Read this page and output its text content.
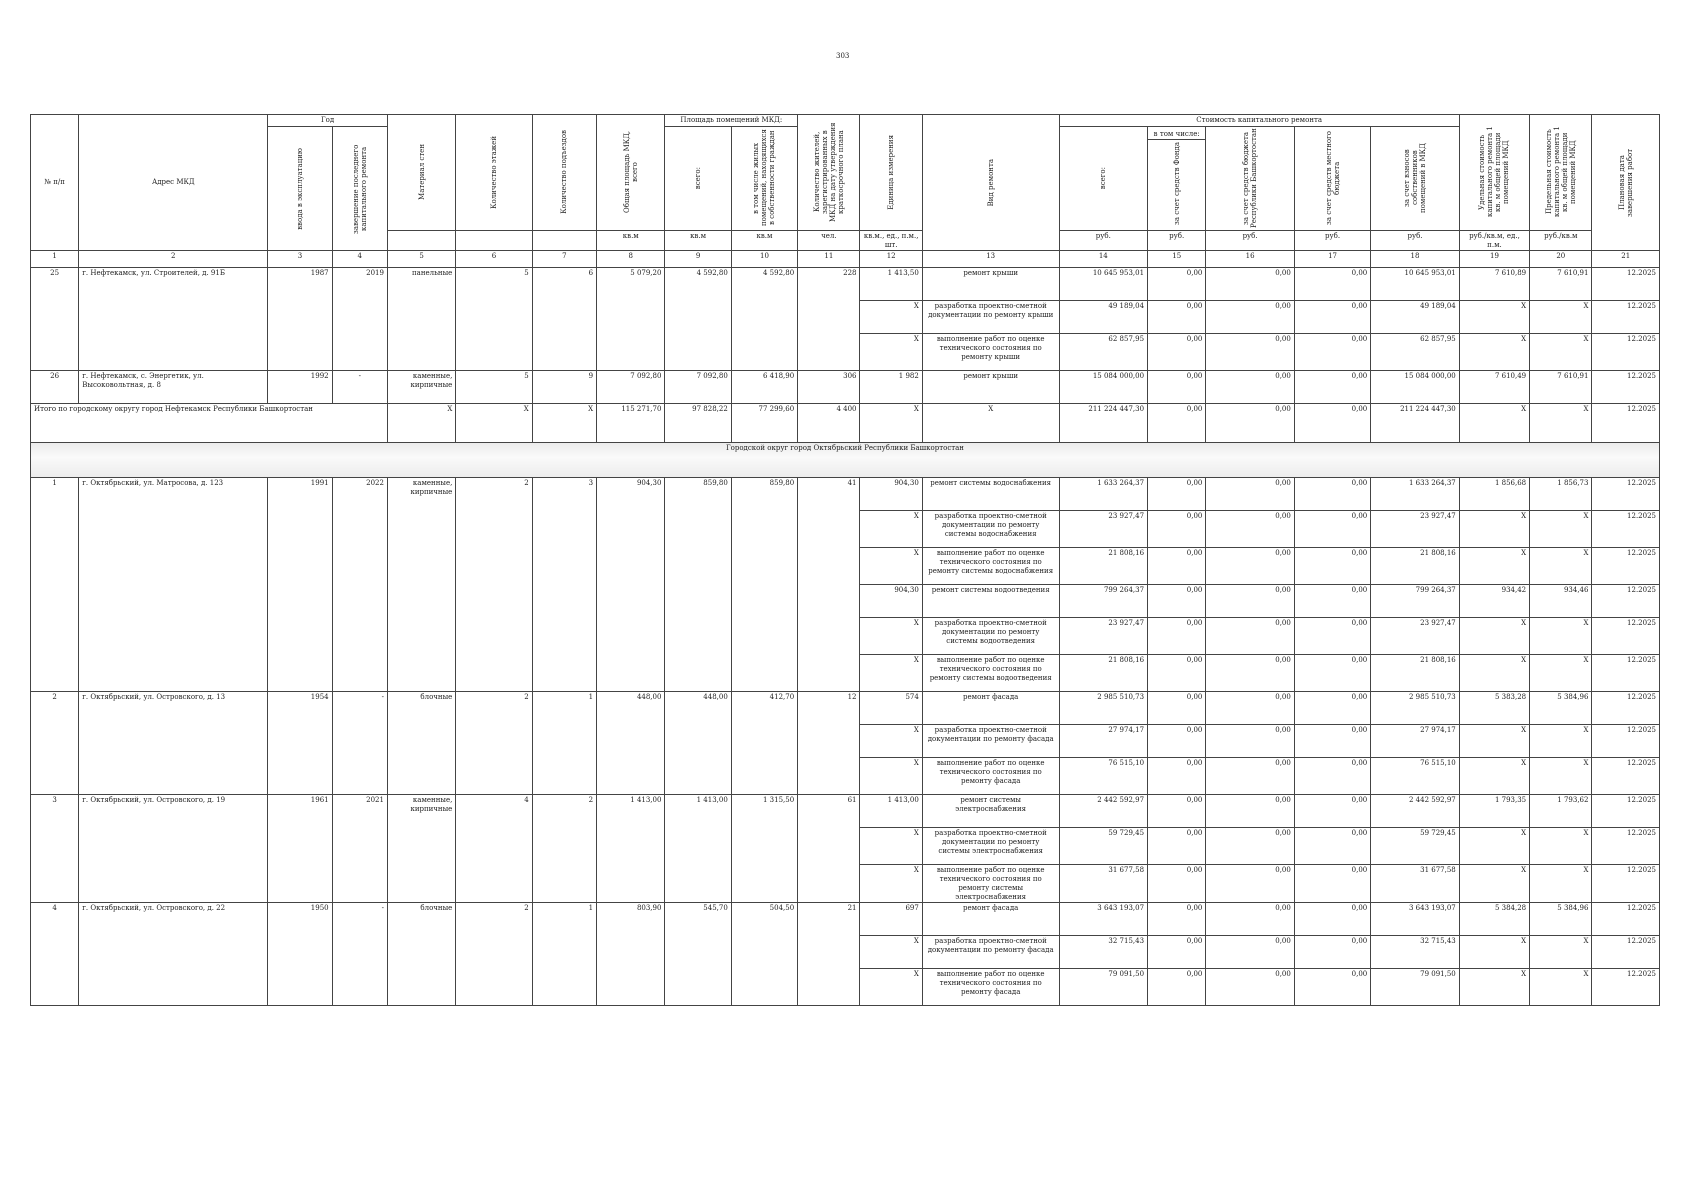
303
№ п/п	Адрес МКД	Год		Материал стен	Количество этажей	Количество подъездов	Общая площадь МКД, всего	Площадь помещений МКД:		Количество жителей, зарегистрированных в МКД на дату утверждения краткосрочного плана	Единица измерения	Вид ремонта	Стоимость капитального ремонта					Удельная стоимость капитального ремонта 1 кв. м общей площади помещений МКД	Предельная стоимость капитального ремонта 1 кв. м общей площади помещений МКД	Плановая дата завершения работ

		ввода в эксплуатацию	завершение последнего капитального ремонта					всего:	в том числе жилых помещений, находящихся в собственности граждан				всего:	в том числе:
за счет средств Фонда	за счет средств бюджета Республики Башкортостан	за счет средств местного бюджета	за счет взносов собственников помещений в МКД			

							кв.м	кв.м	кв.м	чел.	кв.м., ед., п.м., шт.		руб.	руб.	руб.	руб.	руб.	руб./кв.м, ед., п.м.	руб./кв.м	
1	2	3	4	5	6	7	8	9	10	11	12	13	14	15	16	17	18	19	20	21
25	г. Нефтекамск, ул. Строителей, д. 91Б	1987	2019	панельные	5	6	5 079,20	4 592,80	4 592,80	228	1 413,50	ремонт крыши	10 645 953,01	0,00	0,00	0,00	10 645 953,01	7 610,89	7 610,91	12.2025
											X	разработка проектно-сметной документации по ремонту крыши	49 189,04	0,00	0,00	0,00	49 189,04	X	X	12.2025
											X	выполнение работ по оценке технического состояния по ремонту крыши	62 857,95	0,00	0,00	0,00	62 857,95	X	X	12.2025
26	г. Нефтекамск, с. Энергетик, ул. Высоковольтная, д. 8	1992	-	каменные, кирпичные	5	9	7 092,80	7 092,80	6 418,90	306	1 982	ремонт крыши	15 084 000,00	0,00	0,00	0,00	15 084 000,00	7 610,49	7 610,91	12.2025
Итого по городскому округу город Нефтекамск Республики Башкортостан				X	X	X	115 271,70	97 828,22	77 299,60	4 400	X	X	211 224 447,30	0,00	0,00	0,00	211 224 447,30	X	X	12.2025
Городской округ город Октябрьский Республики Башкортостан																				
1	г. Октябрьский, ул. Матросова, д. 123	1991	2022	каменные, кирпичные	2	3	904,30	859,80	859,80	41	904,30	ремонт системы водоснабжения	1 633 264,37	0,00	0,00	0,00	1 633 264,37	1 856,68	1 856,73	12.2025
											X	разработка проектно-сметной документации по ремонту системы водоснабжения	23 927,47	0,00	0,00	0,00	23 927,47	X	X	12.2025
											X	выполнение работ по оценке технического состояния по ремонту системы водоснабжения	21 808,16	0,00	0,00	0,00	21 808,16	X	X	12.2025
											904,30	ремонт системы водоотведения	799 264,37	0,00	0,00	0,00	799 264,37	934,42	934,46	12.2025
											X	разработка проектно-сметной документации по ремонту системы водоотведения	23 927,47	0,00	0,00	0,00	23 927,47	X	X	12.2025
											X	выполнение работ по оценке технического состояния по ремонту системы водоотведения	21 808,16	0,00	0,00	0,00	21 808,16	X	X	12.2025
2	г. Октябрьский, ул. Островского, д. 13	1954	-	блочные	2	1	448,00	448,00	412,70	12	574	ремонт фасада	2 985 510,73	0,00	0,00	0,00	2 985 510,73	5 383,28	5 384,96	12.2025
											X	разработка проектно-сметной документации по ремонту фасада	27 974,17	0,00	0,00	0,00	27 974,17	X	X	12.2025
											X	выполнение работ по оценке технического состояния по ремонту фасада	76 515,10	0,00	0,00	0,00	76 515,10	X	X	12.2025
3	г. Октябрьский, ул. Островского, д. 19	1961	2021	каменные, кирпичные	4	2	1 413,00	1 413,00	1 315,50	61	1 413,00	ремонт системы электроснабжения	2 442 592,97	0,00	0,00	0,00	2 442 592,97	1 793,35	1 793,62	12.2025
											X	разработка проектно-сметной документации по ремонту системы электроснабжения	59 729,45	0,00	0,00	0,00	59 729,45	X	X	12.2025
											X	выполнение работ по оценке технического состояния по ремонту системы электроснабжения	31 677,58	0,00	0,00	0,00	31 677,58	X	X	12.2025
4	г. Октябрьский, ул. Островского, д. 22	1950	-	блочные	2	1	803,90	545,70	504,50	21	697	ремонт фасада	3 643 193,07	0,00	0,00	0,00	3 643 193,07	5 384,28	5 384,96	12.2025
											X	разработка проектно-сметной документации по ремонту фасада	32 715,43	0,00	0,00	0,00	32 715,43	X	X	12.2025
											X	выполнение работ по оценке технического состояния по ремонту фасада	79 091,50	0,00	0,00	0,00	79 091,50	X	X	12.2025
